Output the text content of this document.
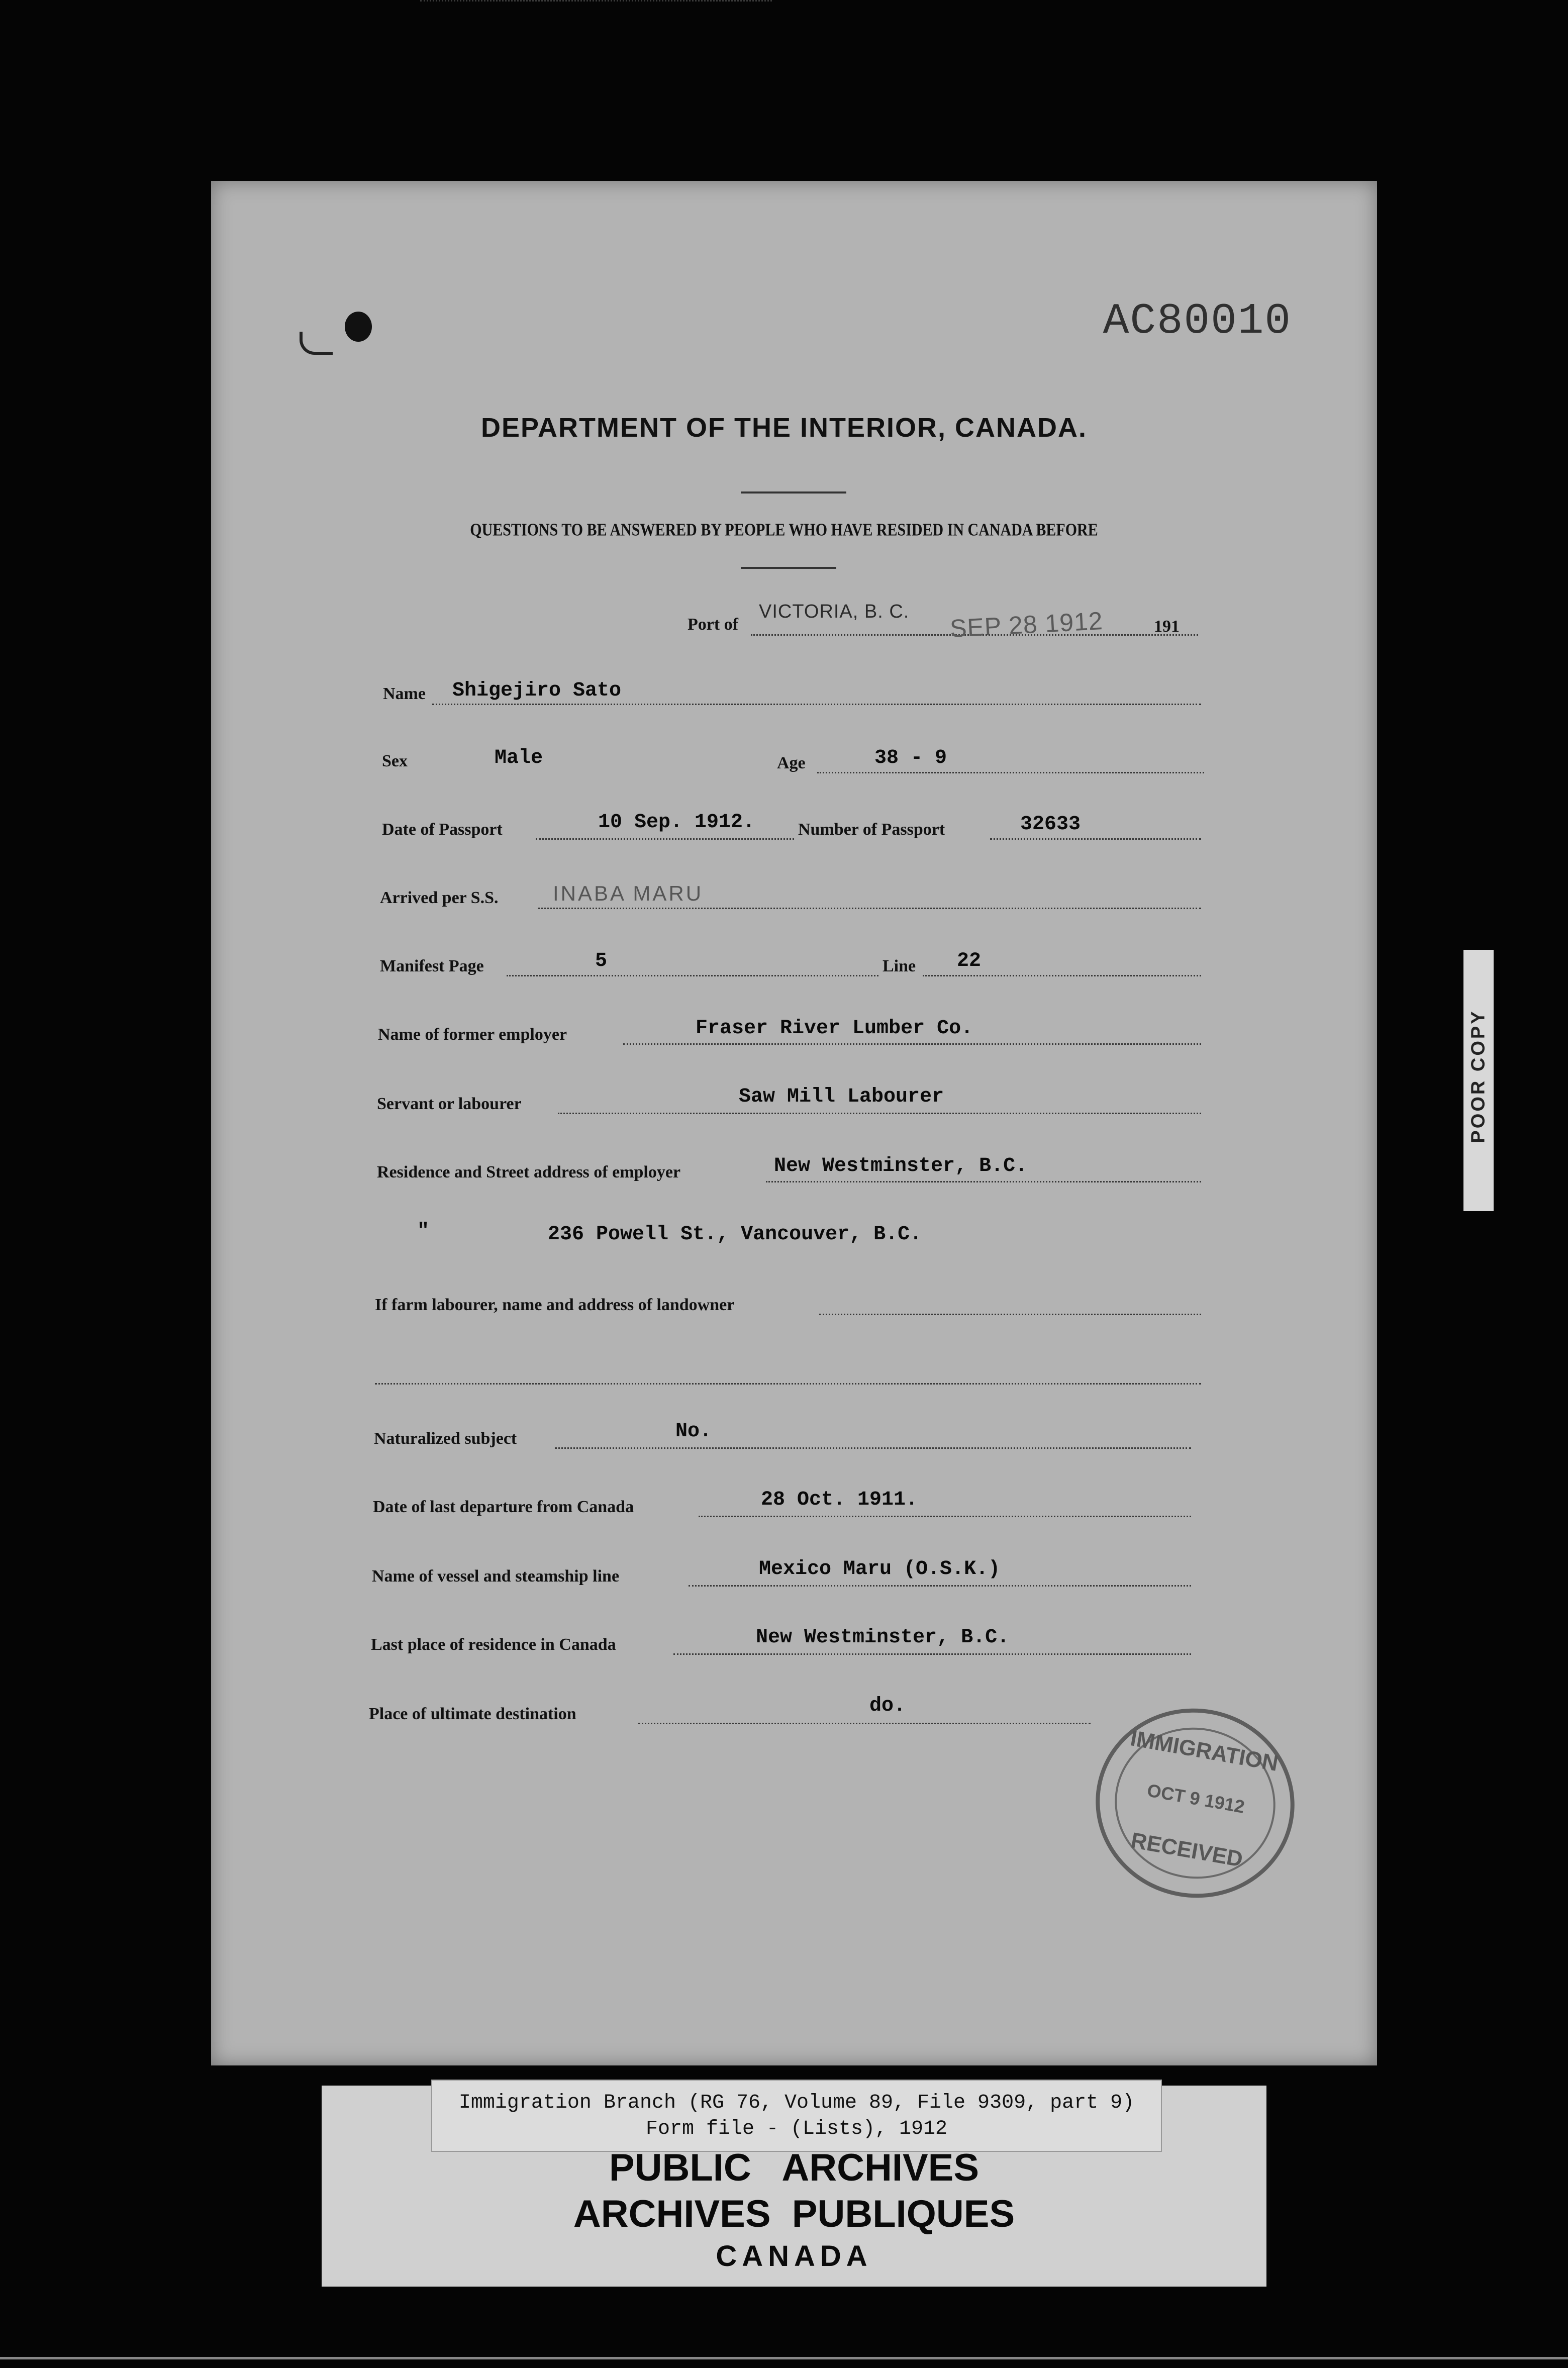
AC80010
DEPARTMENT OF THE INTERIOR, CANADA.
QUESTIONS TO BE ANSWERED BY PEOPLE WHO HAVE RESIDED IN CANADA BEFORE
Port of
VICTORIA, B. C. SEP 28 1912	191
Name Shigejiro Sato
Sex	Male	Age	38 - 9
Date of Passport	10 Sep. 1912.	Number of Passport	32633
Arrived per S.S.	INABA MARU
Manifest Page	5	Line 22
Name of former employer	Fraser River Lumber Co.
Servant or labourer	Saw Mill Labourer
Residence and Street address of employer	New Westminster, B.C.
"	236 Powell St., Vancouver, B.C.
If farm labourer, name and address of landowner
Naturalized subject	No.
Date of last departure from Canada	28 Oct. 1911.
Name of vessel and steamship line	Mexico Maru (O.S.K.)
Last place of residence in Canada	New Westminster, B.C.
Place of ultimate destination	do.
IMMIGRATION
OCT 9 1912
RECEIVED
POOR COPY
Immigration Branch (RG 76, Volume 89, File 9309, part 9)
Form file - (Lists), 1912
PUBLIC   ARCHIVES
ARCHIVES  PUBLIQUES
CANADA
